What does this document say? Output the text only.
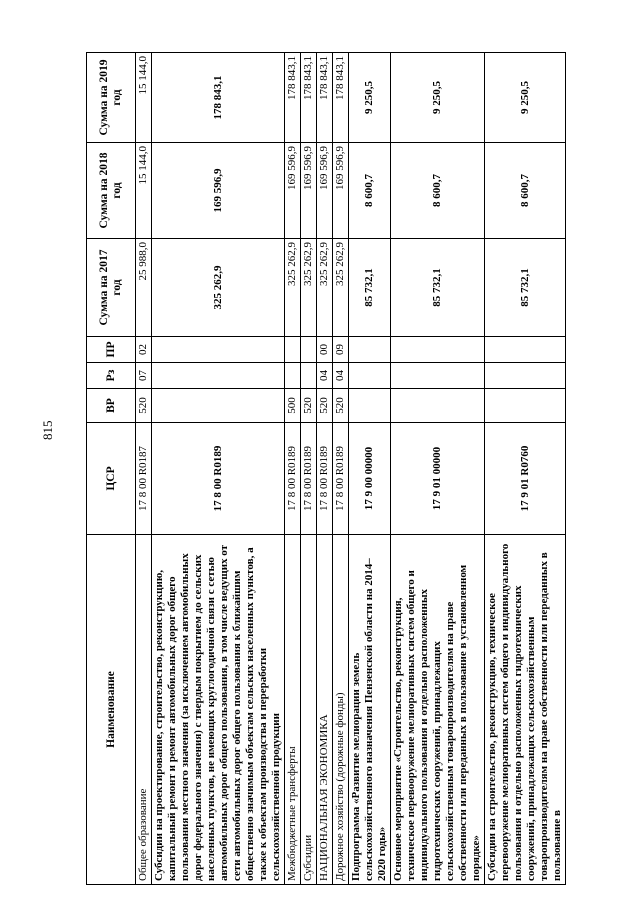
815
Наименование	ЦСР	ВР	Рз	ПР	Сумма на 2017 год	Сумма на 2018 год	Сумма на 2019 год
Общее образование	17 8 00 R0187	520	07	02	25 988,0	15 144,0	15 144,0
Субсидии на проектирование, строительство, реконструкцию, капитальный ремонт и ремонт автомобильных дорог общего пользования местного значения (за исключением автомобильных дорог федерального значения) с твердым покрытием до сельских населенных пунктов, не имеющих круглогодичной связи с сетью автомобильных дорог общего пользования, в том числе ведущих от сети автомобильных дорог общего пользования к ближайшим общественно значимым объектам сельских населенных пунктов, а также к объектам производства и переработки сельскохозяйственной продукции	17 8 00 R0189				325 262,9	169 596,9	178 843,1
Межбюджетные трансферты	17 8 00 R0189	500			325 262,9	169 596,9	178 843,1
Субсидии	17 8 00 R0189	520			325 262,9	169 596,9	178 843,1
НАЦИОНАЛЬНАЯ ЭКОНОМИКА	17 8 00 R0189	520	04	00	325 262,9	169 596,9	178 843,1
Дорожное хозяйство (дорожные фонды)	17 8 00 R0189	520	04	09	325 262,9	169 596,9	178 843,1
Подпрограмма «Развитие мелиорации земель сельскохозяйственного назначения Пензенской области на 2014–2020 годы»	17 9 00 00000				85 732,1	8 600,7	9 250,5
Основное мероприятие «Строительство, реконструкция, техническое перевооружение мелиоративных систем общего и индивидуального пользования и отдельно расположенных гидротехнических сооружений, принадлежащих сельскохозяйственным товаропроизводителям на праве собственности или переданных в пользование в установленном порядке»	17 9 01 00000				85 732,1	8 600,7	9 250,5
Субсидии на строительство, реконструкцию, техническое перевооружение мелиоративных систем общего и индивидуального пользования и отдельно расположенных гидротехнических сооружений, принадлежащих сельскохозяйственным товаропроизводителям на праве собственности или переданных в пользование в	17 9 01 R0760				85 732,1	8 600,7	9 250,5
